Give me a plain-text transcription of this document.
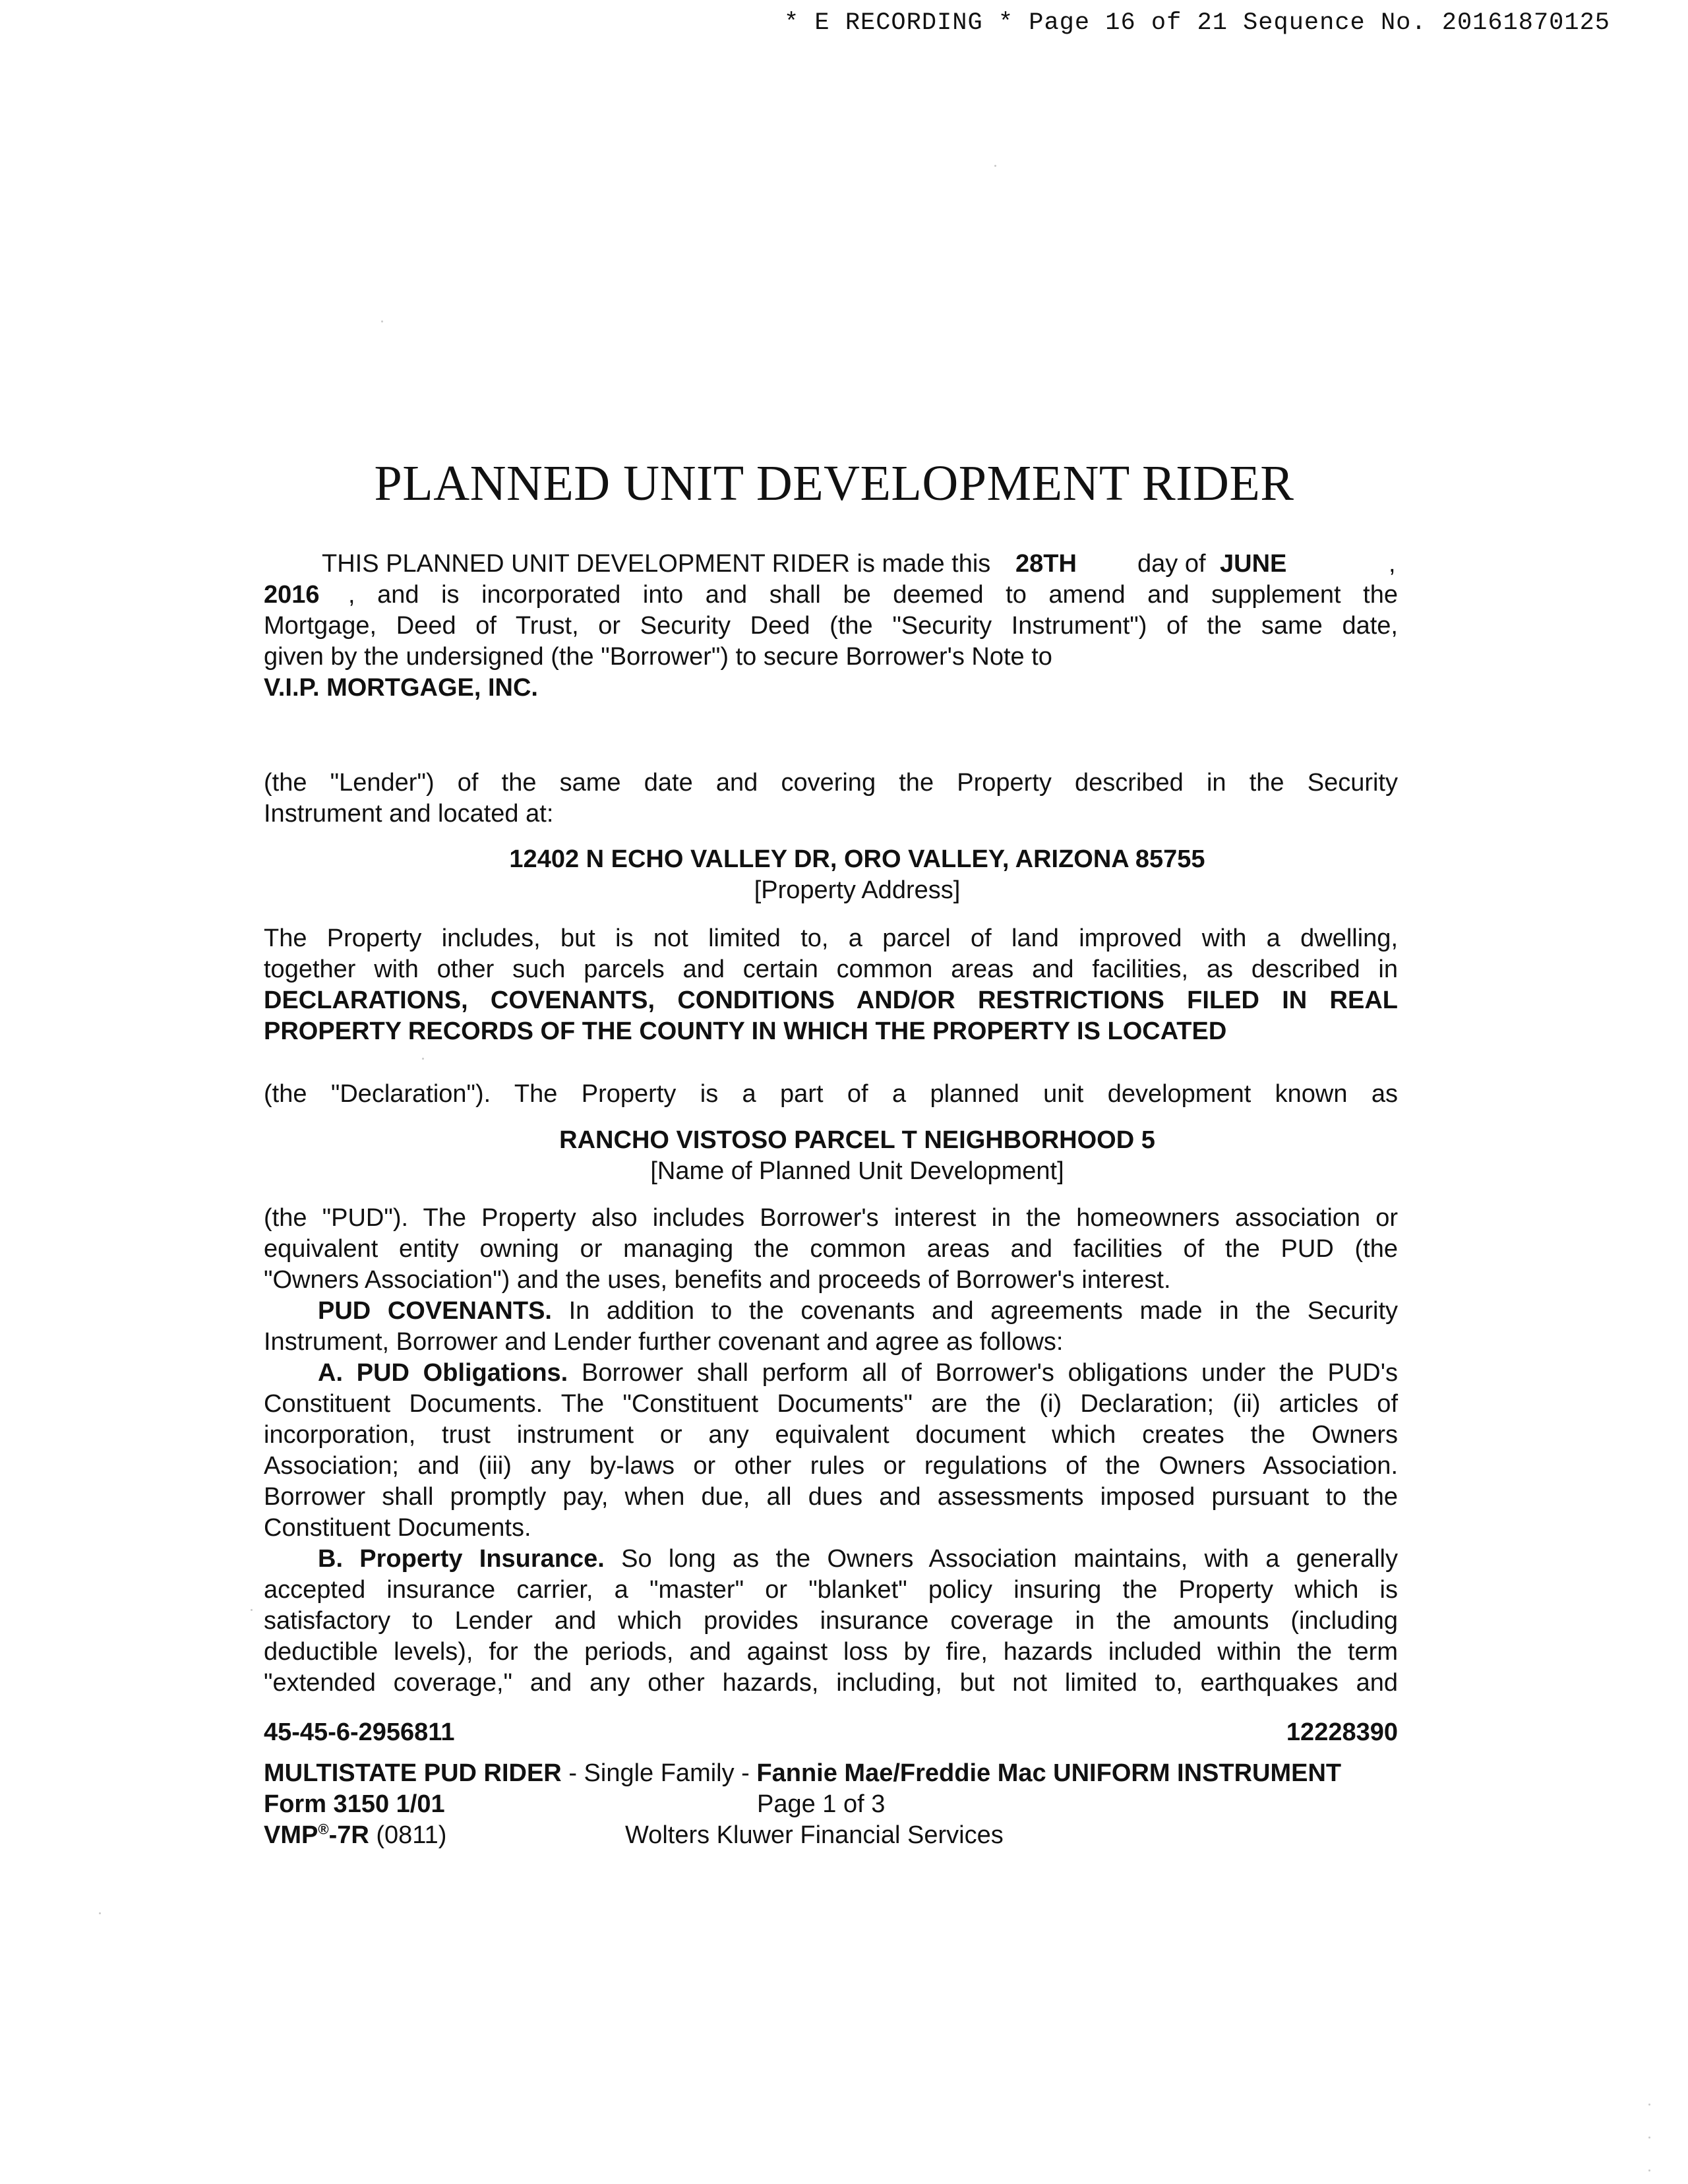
* E RECORDING * Page 16 of 21 Sequence No. 20161870125
PLANNED UNIT DEVELOPMENT RIDER
THIS PLANNED UNIT DEVELOPMENT RIDER is made this 28TH day of JUNE	,
2016 , and is incorporated into and shall be deemed to amend and supplement the
Mortgage, Deed of Trust, or Security Deed (the "Security Instrument") of the same date,
given by the undersigned (the "Borrower") to secure Borrower's Note to
V.I.P. MORTGAGE, INC.
(the "Lender") of the same date and covering the Property described in the Security
Instrument and located at:
12402 N ECHO VALLEY DR, ORO VALLEY, ARIZONA 85755
[Property Address]
The Property includes, but is not limited to, a parcel of land improved with a dwelling,
together with other such parcels and certain common areas and facilities, as described in
DECLARATIONS, COVENANTS, CONDITIONS AND/OR RESTRICTIONS FILED IN REAL
PROPERTY RECORDS OF THE COUNTY IN WHICH THE PROPERTY IS LOCATED
(the "Declaration"). The Property is a part of a planned unit development known as
RANCHO VISTOSO PARCEL T NEIGHBORHOOD 5
[Name of Planned Unit Development]
(the "PUD"). The Property also includes Borrower's interest in the homeowners association or
equivalent entity owning or managing the common areas and facilities of the PUD (the
"Owners Association") and the uses, benefits and proceeds of Borrower's interest.
PUD COVENANTS. In addition to the covenants and agreements made in the Security
Instrument, Borrower and Lender further covenant and agree as follows:
A. PUD Obligations. Borrower shall perform all of Borrower's obligations under the PUD's
Constituent Documents. The "Constituent Documents" are the (i) Declaration; (ii) articles of
incorporation, trust instrument or any equivalent document which creates the Owners
Association; and (iii) any by-laws or other rules or regulations of the Owners Association.
Borrower shall promptly pay, when due, all dues and assessments imposed pursuant to the
Constituent Documents.
B. Property Insurance. So long as the Owners Association maintains, with a generally
accepted insurance carrier, a "master" or "blanket" policy insuring the Property which is
satisfactory to Lender and which provides insurance coverage in the amounts (including
deductible levels), for the periods, and against loss by fire, hazards included within the term
"extended coverage," and any other hazards, including, but not limited to, earthquakes and
45-45-6-2956811	12228390
MULTISTATE PUD RIDER - Single Family - Fannie Mae/Freddie Mac UNIFORM INSTRUMENT
Form 3150 1/01	Page 1 of 3
VMP®-7R (0811)	Wolters Kluwer Financial Services
